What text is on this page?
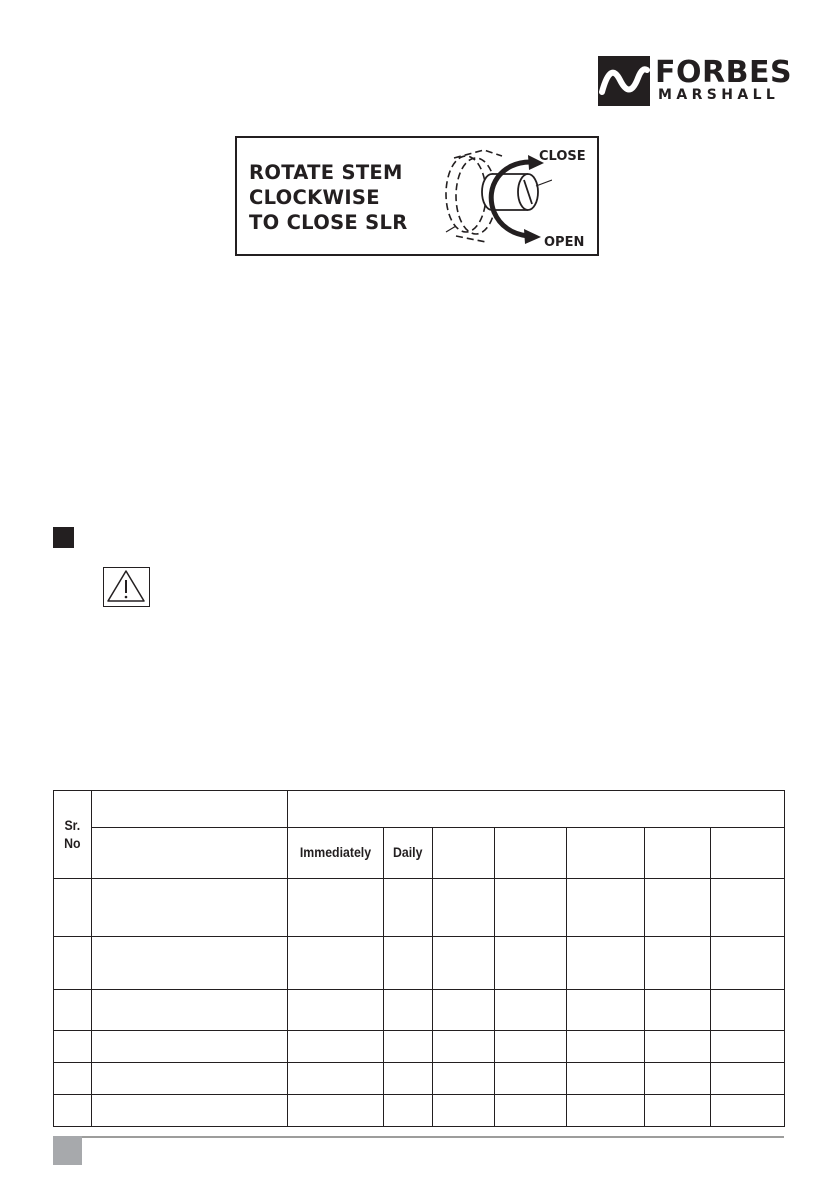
FORBES
MARSHALL
ROTATE STEM
CLOCKWISE
TO CLOSE SLR
CLOSE
OPEN
Sr.
No								
		Immediately	Daily					
